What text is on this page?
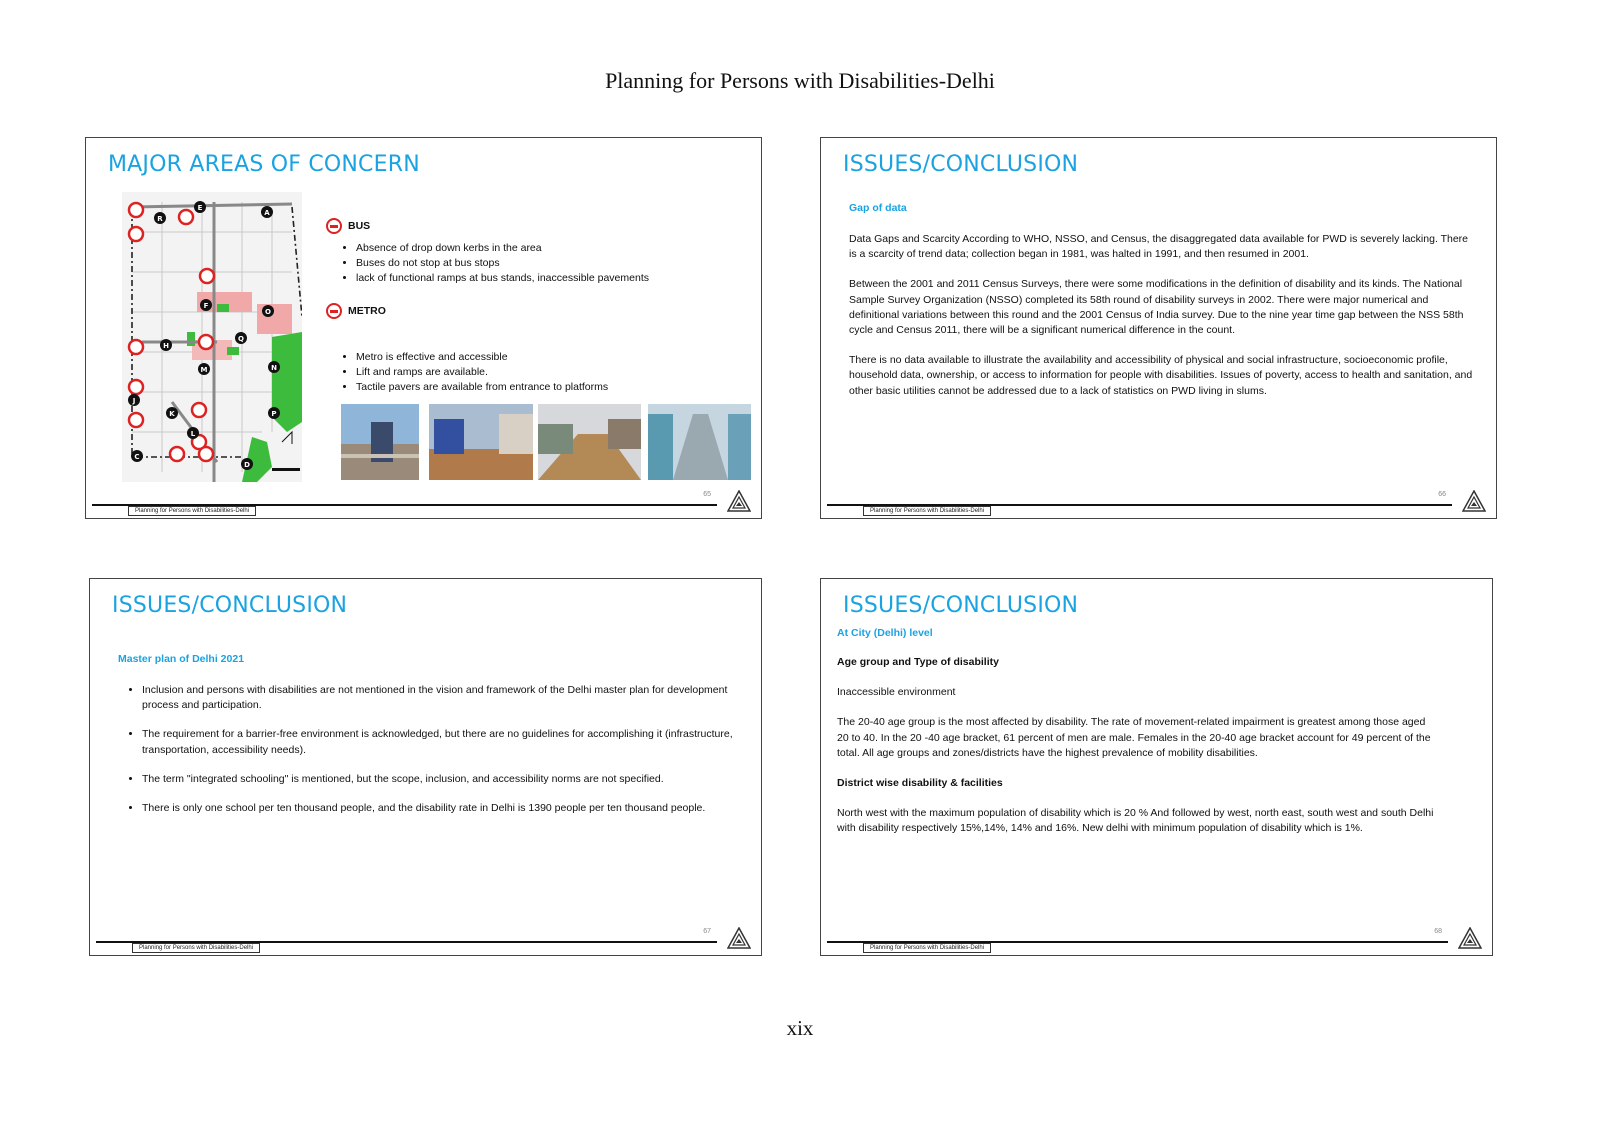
Planning for Persons with Disabilities-Delhi
MAJOR AREAS OF CONCERN
A
C
D
E
F
O
H
J
K
L
M	N
Q
P
R
BUS
• Absence of drop down kerbs in the area
• Buses do not stop at bus stops
• lack of functional ramps at bus stands, inaccessible pavements
METRO
• Metro is effective and accessible
• Lift and ramps are available.
• Tactile pavers are available from entrance to platforms
65
Planning for Persons with Disabilities-Delhi
ISSUES/CONCLUSION
Gap of data

Data Gaps and Scarcity According to WHO, NSSO, and Census, the disaggregated data available for PWD is severely lacking. There is a scarcity of trend data; collection began in 1981, was halted in 1991, and then resumed in 2001.

Between the 2001 and 2011 Census Surveys, there were some modifications in the definition of disability and its kinds. The National Sample Survey Organization (NSSO) completed its 58th round of disability surveys in 2002. There were major numerical and definitional variations between this round and the 2001 Census of India survey. Due to the nine year time gap between the NSS 58th cycle and Census 2011, there will be a significant numerical difference in the count.

There is no data available to illustrate the availability and accessibility of physical and social infrastructure, socioeconomic profile, household data, ownership, or access to information for people with disabilities. Issues of poverty, access to health and sanitation, and other basic utilities cannot be addressed due to a lack of statistics on PWD living in slums.

66
Planning for Persons with Disabilities-Delhi
ISSUES/CONCLUSION
Master plan of Delhi 2021
• Inclusion and persons with disabilities are not mentioned in the vision and framework of the Delhi master plan for development process and participation.
• The requirement for a barrier-free environment is acknowledged, but there are no guidelines for accomplishing it (infrastructure, transportation, accessibility needs).
• The term "integrated schooling" is mentioned, but the scope, inclusion, and accessibility norms are not specified.
• There is only one school per ten thousand people, and the disability rate in Delhi is 1390 people per ten thousand people.
67
Planning for Persons with Disabilities-Delhi
ISSUES/CONCLUSION
At City (Delhi) level

Age group and Type of disability

Inaccessible environment

The 20-40 age group is the most affected by disability. The rate of movement-related impairment is greatest among those aged 20 to 40. In the 20 -40 age bracket, 61 percent of men are male. Females in the 20-40 age bracket account for 49 percent of the total. All age groups and zones/districts have the highest prevalence of mobility disabilities.

District wise disability & facilities

North west with the maximum population of disability which is 20 % And followed by west, north east, south west and south Delhi with disability respectively 15%,14%, 14% and 16%. New delhi with minimum population of disability which is 1%.

68
Planning for Persons with Disabilities-Delhi
xix
